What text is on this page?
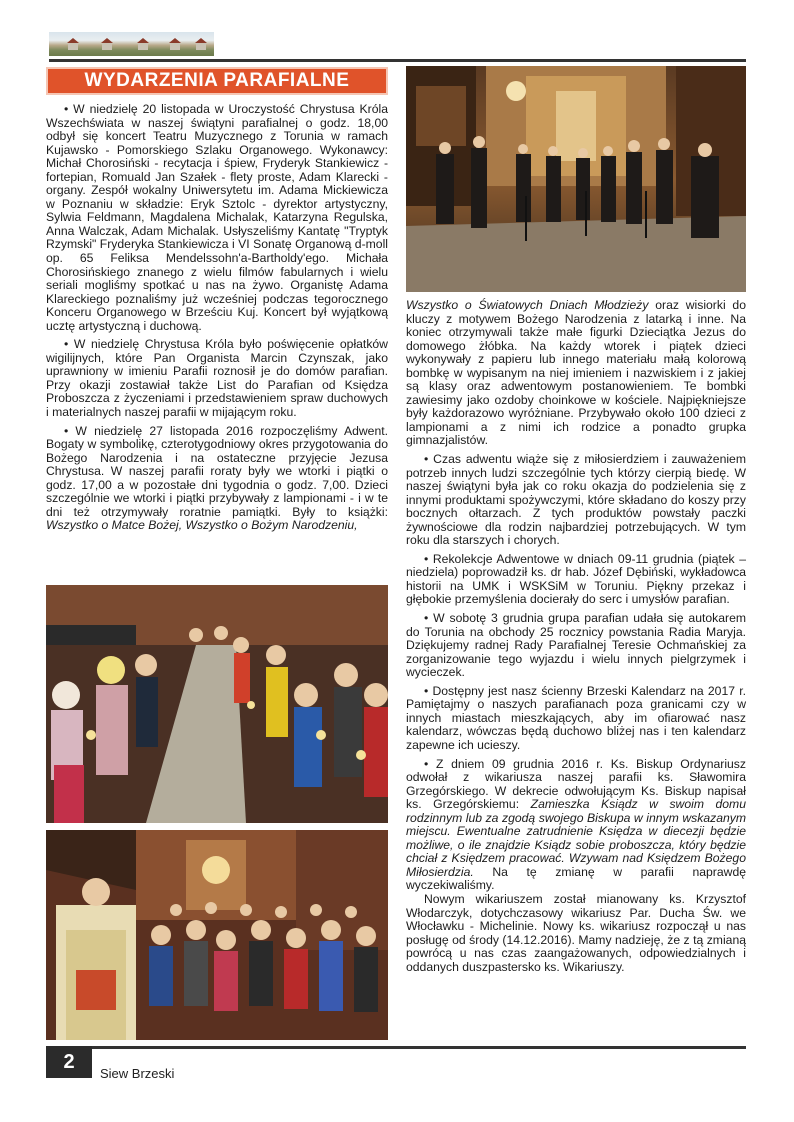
WYDARZENIA PARAFIALNE

• W niedzielę 20 listopada w Uroczystość Chrystusa Króla Wszechświata w naszej świątyni parafialnej o godz. 18,00 odbył się koncert Teatru Muzycznego z Torunia w ramach Kujawsko - Pomorskiego Szlaku Organowego. Wykonawcy: Michał Chorosiński - recytacja i śpiew, Fryderyk Stankiewicz - fortepian, Romuald Jan Szałek - flety proste, Adam Klarecki - organy. Zespół wokalny Uniwersytetu im. Adama Mickiewicza w Poznaniu w składzie: Eryk Sztolc - dyrektor artystyczny, Sylwia Feldmann, Magdalena Michalak, Katarzyna Regulska, Anna Walczak, Adam Michalak. Usłyszeliśmy Kantatę "Tryptyk Rzymski" Fryderyka Stankiewicza i VI Sonatę Organową d-moll op. 65 Feliksa Mendelssohn'a-Bartholdy'ego. Michała Chorosińskiego znanego z wielu filmów fabularnych i wielu seriali mogliśmy spotkać u nas na żywo. Organistę Adama Klareckiego poznaliśmy już wcześniej podczas tegorocznego Konceru Organowego w Brześciu Kuj. Koncert był wyjątkową ucztę artystyczną i duchową.

• W niedzielę Chrystusa Króla było poświęcenie opłatków wigilijnych, które Pan Organista Marcin Czynszak, jako uprawniony w imieniu Parafii roznosił je do domów parafian. Przy okazji zostawiał także List do Parafian od Księdza Proboszcza z życzeniami i przedstawieniem spraw duchowych i materialnych naszej parafii w mijającym roku.

• W niedzielę 27 listopada 2016 rozpoczęliśmy Adwent. Bogaty w symbolikę, czterotygodniowy okres przygotowania do Bożego Narodzenia i na ostateczne przyjęcie Jezusa Chrystusa. W naszej parafii roraty były we wtorki i piątki o godz. 17,00 a w pozostałe dni tygodnia o godz. 7,00. Dzieci szczególnie we wtorki i piątki przybywały z lampionami - i w te dni też otrzymywały roratnie pamiątki. Były to książki: Wszystko o Matce Bożej, Wszystko o Bożym Narodzeniu,

Wszystko o Światowych Dniach Młodzieży oraz wisiorki do kluczy z motywem Bożego Narodzenia z latarką i inne. Na koniec otrzymywali także małe figurki Dzieciątka Jezus do domowego żłóbka. Na każdy wtorek i piątek dzieci wykonywały z papieru lub innego materiału małą kolorową bombkę w wypisanym na niej imieniem i nazwiskiem i z jakiej są klasy oraz adwentowym postanowieniem. Te bombki zawiesimy jako ozdoby choinkowe w kościele. Najpiękniejsze były każdorazowo wyróżniane. Przybywało około 100 dzieci z lampionami a z nimi ich rodzice a ponadto grupka gimnazjalistów.

• Czas adwentu wiąże się z miłosierdziem i zauważeniem potrzeb innych ludzi szczególnie tych którzy cierpią biedę. W naszej świątyni była jak co roku okazja do podzielenia się z innymi produktami spożywczymi, które składano do koszy przy bocznych ołtarzach. Z tych produktów powstały paczki żywnościowe dla rodzin najbardziej potrzebujących. W tym roku dla starszych i chorych.

• Rekolekcje Adwentowe w dniach 09-11 grudnia (piątek – niedziela) poprowadził ks. dr hab. Józef Dębiński, wykładowca historii na UMK i WSKSiM w Toruniu. Piękny przekaz i głębokie przemyślenia docierały do serc i umysłów parafian.

• W sobotę 3 grudnia grupa parafian udała się autokarem do Torunia na obchody 25 rocznicy powstania Radia Maryja. Dziękujemy radnej Rady Parafialnej Teresie Ochmańskiej za zorganizowanie tego wyjazdu i wielu innych pielgrzymek i wycieczek.

• Dostępny jest nasz ścienny Brzeski Kalendarz na 2017 r. Pamiętajmy o naszych parafianach poza granicami czy w innych miastach mieszkających, aby im ofiarować nasz kalendarz, wówczas będą duchowo bliżej nas i ten kalendarz zapewne ich ucieszy.

• Z dniem 09 grudnia 2016 r. Ks. Biskup Ordynariusz odwołał z wikariusza naszej parafii ks. Sławomira Grzegórskiego. W dekrecie odwołującym Ks. Biskup napisał ks. Grzegórskiemu: Zamieszka Ksiądz w swoim domu rodzinnym lub za zgodą swojego Biskupa w innym wskazanym miejscu. Ewentualne zatrudnienie Księdza w diecezji będzie możliwe, o ile znajdzie Ksiądz sobie proboszcza, który będzie chciał z Księdzem pracować. Wzywam nad Księdzem Bożego Miłosierdzia. Na tę zmianę w parafii naprawdę wyczekiwaliśmy.

Nowym wikariuszem został mianowany ks. Krzysztof Włodarczyk, dotychczasowy wikariusz Par. Ducha Św. we Włocławku - Michelinie. Nowy ks. wikariusz rozpoczął u nas posługę od środy (14.12.2016). Mamy nadzieję, że z tą zmianą powrócą u nas czas zaangażowanych, odpowiedzialnych i oddanych duszpastersko ks. Wikariuszy.

2
Siew Brzeski
